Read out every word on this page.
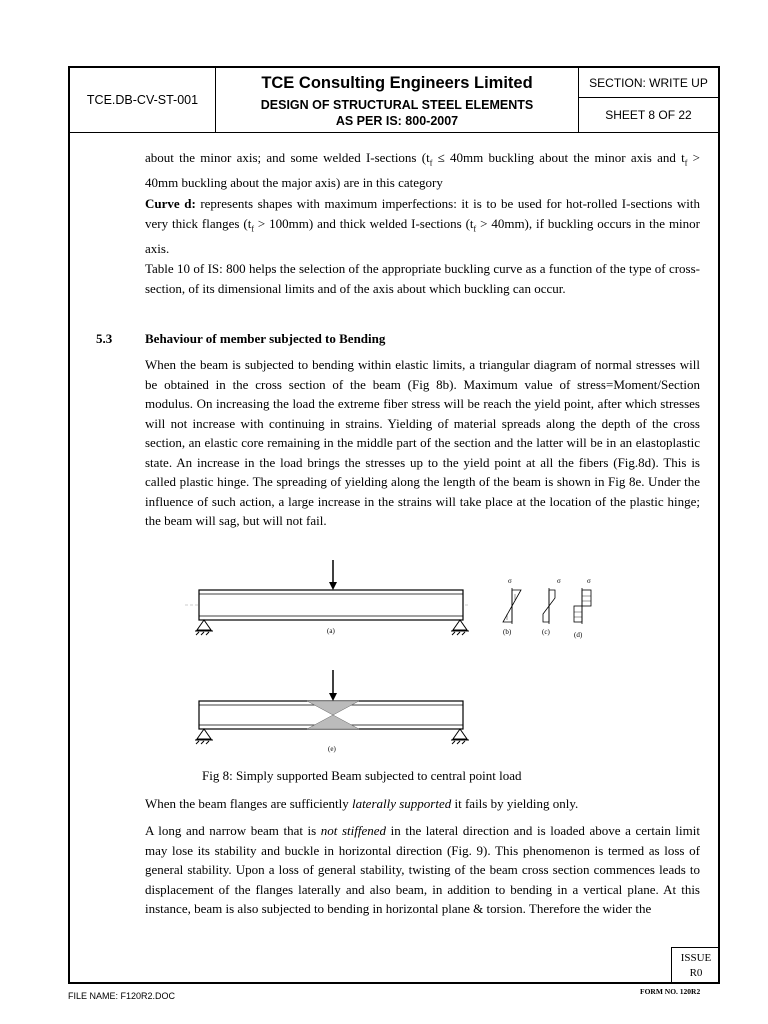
TCE.DB-CV-ST-001
TCE Consulting Engineers Limited
DESIGN OF STRUCTURAL STEEL ELEMENTS
AS PER IS: 800-2007
SECTION: WRITE UP
SHEET 8 OF 22

about the minor axis; and some welded I-sections ($t_f \le 40mm$ buckling about the minor axis and $t_f > 40mm$ buckling about the major axis) are in this category

Curve d: represents shapes with maximum imperfections: it is to be used for hot-rolled I-sections with very thick flanges $(t_f > 100mm)$ and thick welded I-sections $(t_f > 40mm)$, if buckling occurs in the minor axis.

Table 10 of IS: 800 helps the selection of the appropriate buckling curve as a function of the type of cross-section, of its dimensional limits and of the axis about which buckling can occur.

5.3	Behaviour of member subjected to Bending

When the beam is subjected to bending within elastic limits, a triangular diagram of normal stresses will be obtained in the cross section of the beam (Fig 8b). Maximum value of stress=Moment/Section modulus. On increasing the load the extreme fiber stress will be reach the yield point, after which stresses will not increase with continuing in strains. Yielding of material spreads along the depth of the cross section, an elastic core remaining in the middle part of the section and the latter will be in an elastoplastic state. An increase in the load brings the stresses up to the yield point at all the fibers (Fig.8d). This is called plastic hinge. The spreading of yielding along the length of the beam is shown in Fig 8e. Under the influence of such action, a large increase in the strains will take place at the location of the plastic hinge; the beam will sag, but will not fail.

(a)
σ
(b)
σ
(c)
σ
(d)
(e)
Fig 8: Simply supported Beam subjected to central point load

When the beam flanges are sufficiently laterally supported it fails by yielding only.

A long and narrow beam that is not stiffened in the lateral direction and is loaded above a certain limit may lose its stability and buckle in horizontal direction (Fig. 9). This phenomenon is termed as loss of general stability. Upon a loss of general stability, twisting of the beam cross section commences leads to displacement of the flanges laterally and also beam, in addition to bending in a vertical plane. At this instance, beam is also subjected to bending in horizontal plane & torsion. Therefore the wider the

ISSUE
R0
FILE NAME: F120R2.DOC	FORM NO. 120R2
